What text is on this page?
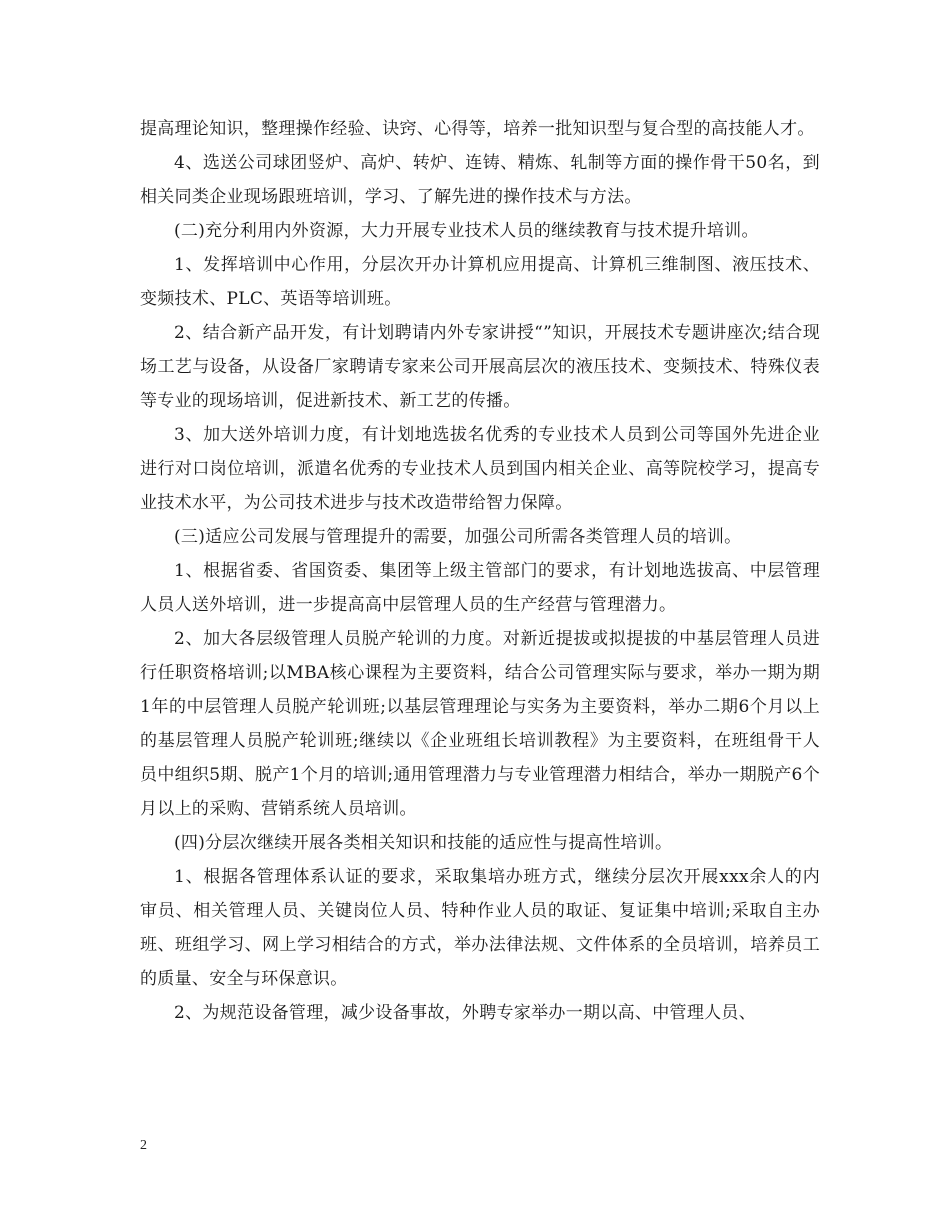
提高理论知识，整理操作经验、诀窍、心得等，培养一批知识型与复合型的高技能人才。

4、选送公司球团竖炉、高炉、转炉、连铸、精炼、轧制等方面的操作骨干50名，到相关同类企业现场跟班培训，学习、了解先进的操作技术与方法。

(二)充分利用内外资源，大力开展专业技术人员的继续教育与技术提升培训。

1、发挥培训中心作用，分层次开办计算机应用提高、计算机三维制图、液压技术、变频技术、PLC、英语等培训班。

2、结合新产品开发，有计划聘请内外专家讲授“”知识，开展技术专题讲座次;结合现场工艺与设备，从设备厂家聘请专家来公司开展高层次的液压技术、变频技术、特殊仪表等专业的现场培训，促进新技术、新工艺的传播。

3、加大送外培训力度，有计划地选拔名优秀的专业技术人员到公司等国外先进企业进行对口岗位培训，派遣名优秀的专业技术人员到国内相关企业、高等院校学习，提高专业技术水平，为公司技术进步与技术改造带给智力保障。

(三)适应公司发展与管理提升的需要，加强公司所需各类管理人员的培训。

1、根据省委、省国资委、集团等上级主管部门的要求，有计划地选拔高、中层管理人员人送外培训，进一步提高高中层管理人员的生产经营与管理潜力。

2、加大各层级管理人员脱产轮训的力度。对新近提拔或拟提拔的中基层管理人员进行任职资格培训;以MBA核心课程为主要资料，结合公司管理实际与要求，举办一期为期1年的中层管理人员脱产轮训班;以基层管理理论与实务为主要资料，举办二期6个月以上的基层管理人员脱产轮训班;继续以《企业班组长培训教程》为主要资料，在班组骨干人员中组织5期、脱产1个月的培训;通用管理潜力与专业管理潜力相结合，举办一期脱产6个月以上的采购、营销系统人员培训。

(四)分层次继续开展各类相关知识和技能的适应性与提高性培训。

1、根据各管理体系认证的要求，采取集培办班方式，继续分层次开展xxx余人的内审员、相关管理人员、关键岗位人员、特种作业人员的取证、复证集中培训;采取自主办班、班组学习、网上学习相结合的方式，举办法律法规、文件体系的全员培训，培养员工的质量、安全与环保意识。

2、为规范设备管理，减少设备事故，外聘专家举办一期以高、中管理人员、

2
